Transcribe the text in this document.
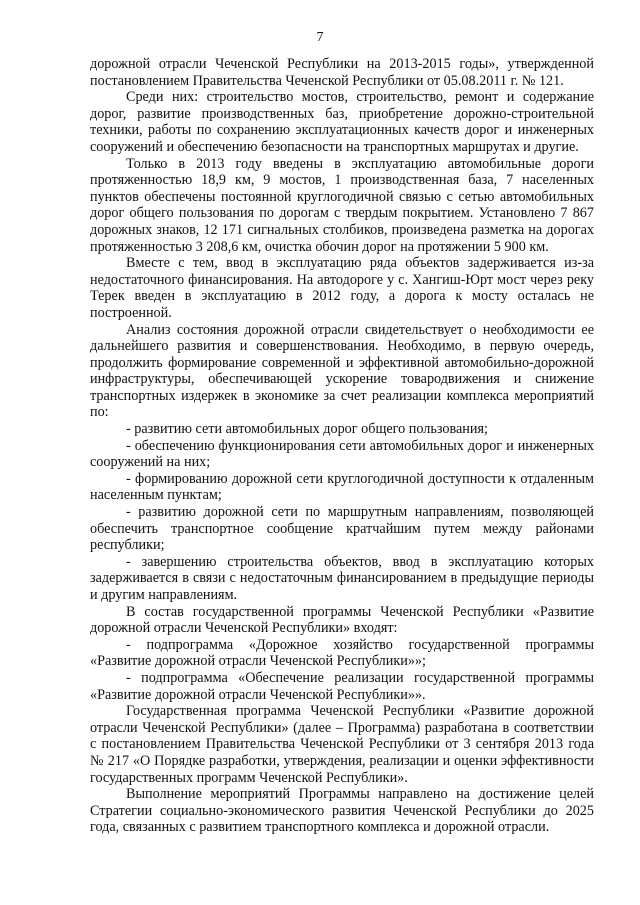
7

дорожной отрасли Чеченской Республики на 2013-2015 годы», утвержденной постановлением Правительства Чеченской Республики от 05.08.2011 г. № 121.

Среди них: строительство мостов, строительство, ремонт и содержание дорог, развитие производственных баз, приобретение дорожно-строительной техники, работы по сохранению эксплуатационных качеств дорог и инженерных сооружений и обеспечению безопасности на транспортных маршрутах и другие.

Только в 2013 году введены в эксплуатацию автомобильные дороги протяженностью 18,9 км, 9 мостов, 1 производственная база, 7 населенных пунктов обеспечены постоянной круглогодичной связью с сетью автомобильных дорог общего пользования по дорогам с твердым покрытием. Установлено 7 867 дорожных знаков, 12 171 сигнальных столбиков, произведена разметка на дорогах протяженностью 3 208,6 км, очистка обочин дорог на протяжении 5 900 км.

Вместе с тем, ввод в эксплуатацию ряда объектов задерживается из-за недостаточного финансирования. На автодороге у с. Хангиш-Юрт мост через реку Терек введен в эксплуатацию в 2012 году, а дорога к мосту осталась не построенной.

Анализ состояния дорожной отрасли свидетельствует о необходимости ее дальнейшего развития и совершенствования. Необходимо, в первую очередь, продолжить формирование современной и эффективной автомобильно-дорожной инфраструктуры, обеспечивающей ускорение товародвижения и снижение транспортных издержек в экономике за счет реализации комплекса мероприятий по:

- развитию сети автомобильных дорог общего пользования;

- обеспечению функционирования сети автомобильных дорог и инженерных сооружений на них;

- формированию дорожной сети круглогодичной доступности к отдаленным населенным пунктам;

- развитию дорожной сети по маршрутным направлениям, позволяющей обеспечить транспортное сообщение кратчайшим путем между районами республики;

- завершению строительства объектов, ввод в эксплуатацию которых задерживается в связи с недостаточным финансированием в предыдущие периоды и другим направлениям.

В состав государственной программы Чеченской Республики «Развитие дорожной отрасли Чеченской Республики» входят:

- подпрограмма «Дорожное хозяйство государственной программы «Развитие дорожной отрасли Чеченской Республики»»;

- подпрограмма «Обеспечение реализации государственной программы «Развитие дорожной отрасли Чеченской Республики»».

Государственная программа Чеченской Республики «Развитие дорожной отрасли Чеченской Республики» (далее – Программа) разработана в соответствии с постановлением Правительства Чеченской Республики от 3 сентября 2013 года № 217 «О Порядке разработки, утверждения, реализации и оценки эффективности государственных программ Чеченской Республики».

Выполнение мероприятий Программы направлено на достижение целей Стратегии социально-экономического развития Чеченской Республики до 2025 года, связанных с развитием транспортного комплекса и дорожной отрасли.
